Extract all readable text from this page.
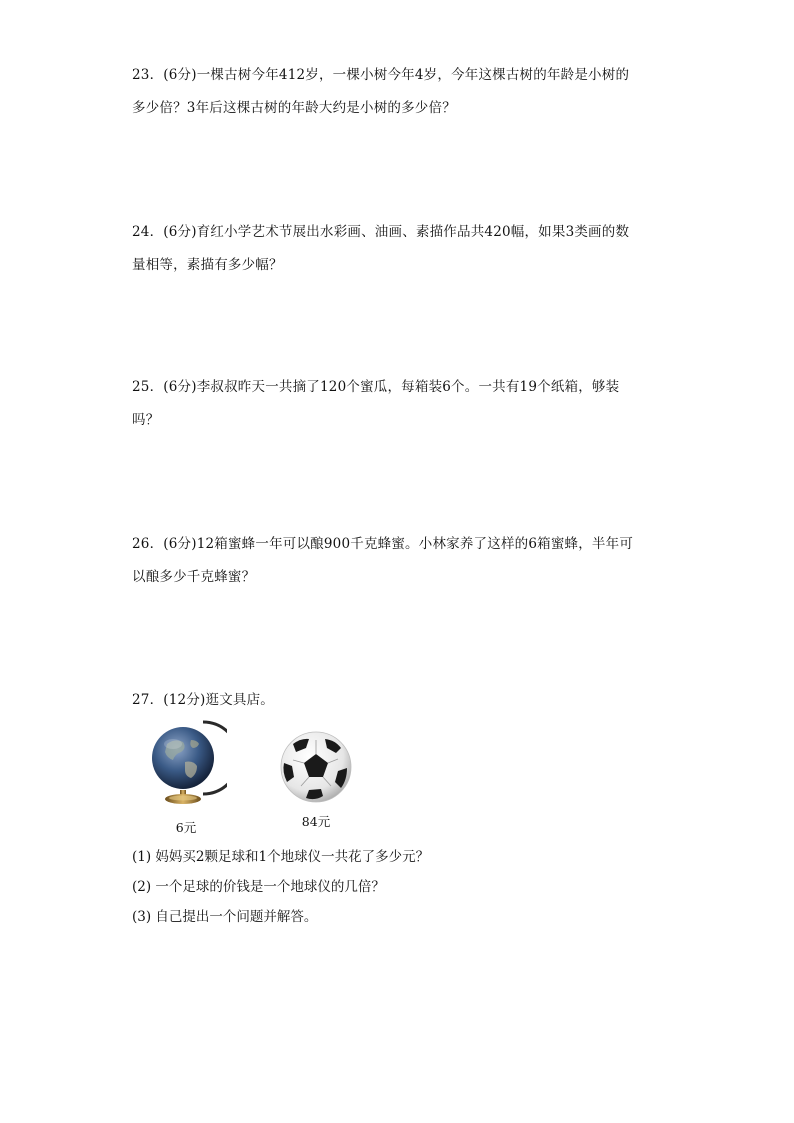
23．(6分)一棵古树今年412岁，一棵小树今年4岁，今年这棵古树的年龄是小树的
多少倍？3年后这棵古树的年龄大约是小树的多少倍？
24．(6分)育红小学艺术节展出水彩画、油画、素描作品共420幅，如果3类画的数
量相等，素描有多少幅？
25．(6分)李叔叔昨天一共摘了120个蜜瓜，每箱装6个。一共有19个纸箱，够装
吗？
26．(6分)12箱蜜蜂一年可以酿900千克蜂蜜。小林家养了这样的6箱蜜蜂，半年可
以酿多少千克蜂蜜？
27．(12分)逛文具店。
6元	84元
(1) 妈妈买2颗足球和1个地球仪一共花了多少元？
(2) 一个足球的价钱是一个地球仪的几倍？
(3) 自己提出一个问题并解答。
